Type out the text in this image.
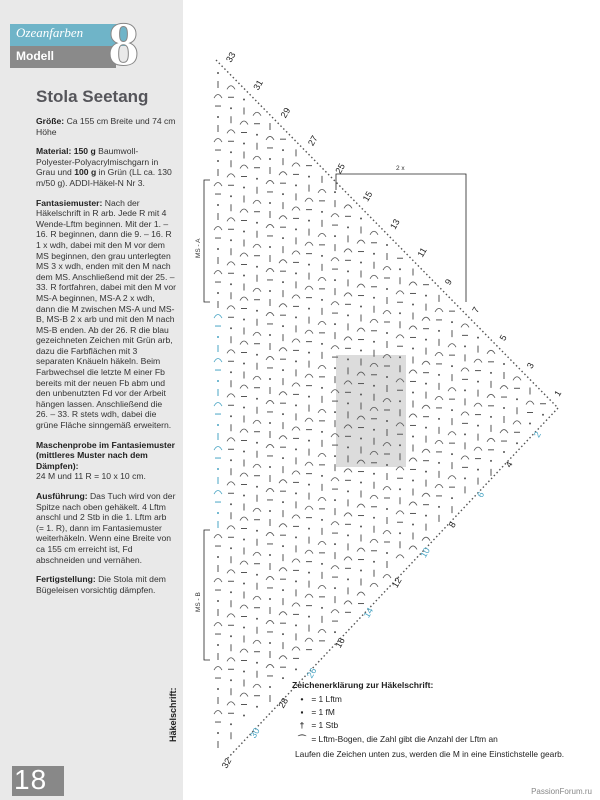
Ozeanfarben
Modell 8
Stola Seetang

Größe: Ca 155 cm Breite und 74 cm Höhe

Material: 150 g Baumwoll-Polyester-Polyacrylmischgarn in Grau und 100 g in Grün (LL ca. 130 m/50 g). ADDI-Häkel-N Nr 3.

Fantasiemuster: Nach der Häkelschrift in R arb. Jede R mit 4 Wende-Lftm beginnen. Mit der 1. – 16. R beginnen, dann die 9. – 16. R 1 x wdh, dabei mit den M vor dem MS beginnen, den grau unterlegten MS 3 x wdh, enden mit den M nach dem MS. Anschließend mit der 25. – 33. R fortfahren, dabei mit den M vor MS-A beginnen, MS-A 2 x wdh, dann die M zwischen MS-A und MS-B, MS-B 2 x arb und mit den M nach MS-B enden. Ab der 26. R die blau gezeichneten Zeichen mit Grün arb, dazu die Farbflächen mit 3 separaten Knäueln häkeln. Beim Farbwechsel die letzte M einer Fb bereits mit der neuen Fb abm und den unbenutzten Fd vor der Arbeit hängen lassen. Anschließend die 26. – 33. R stets wdh, dabei die grüne Fläche sinngemäß erweitern.

Maschenprobe im Fantasiemuster (mittleres Muster nach dem Dämpfen):
24 M und 11 R = 10 x 10 cm.

Ausführung: Das Tuch wird von der Spitze nach oben gehäkelt. 4 Lftm anschl und 2 Stb in die 1. Lftm arb (= 1. R), dann im Fantasiemuster weiterhäkeln. Wenn eine Breite von ca 155 cm erreicht ist, Fd abschneiden und vernähen.

Fertigstellung: Die Stola mit dem Bügeleisen vorsichtig dämpfen.

18
Häkelschrift:
2 x
MS - A
MS - B
33
31
29
27
25
15
13
11
9
7
5
3
1
2
4
6
8
10
12
14
16
26
28
30
32
Zeichenerklärung zur Häkelschrift:
• = 1 Lftm
▪ = 1 fM
† = 1 Stb
⌒ = Lftm-Bogen, die Zahl gibt die Anzahl der Lftm an
Laufen die Zeichen unten zus, werden die M in eine Einstichstelle gearb.
PassionForum.ru
